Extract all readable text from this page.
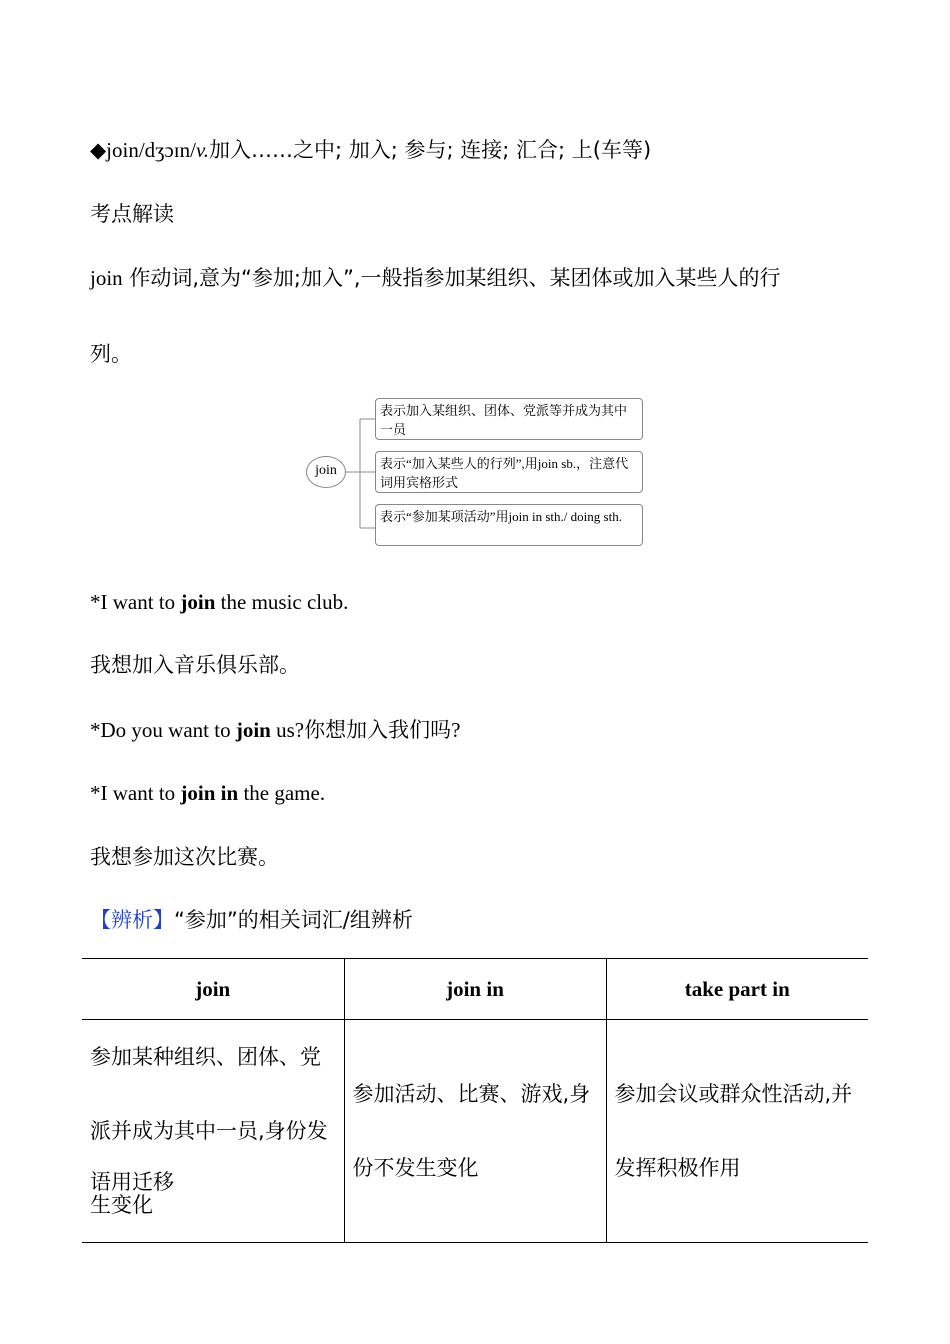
◆join/dʒɔɪn/v.加入……之中; 加入; 参与; 连接; 汇合; 上(车等)
考点解读
join 作动词,意为“参加;加入”,一般指参加某组织、某团体或加入某些人的行
列。
join
表示加入某组织、团体、党派等并成为其中一员
表示“加入某些人的行列”,用join sb.，注意代词用宾格形式
表示“参加某项活动”用join in sth./ doing sth.
*I want to join the music club.
我想加入音乐俱乐部。
*Do you want to join us?你想加入我们吗?
*I want to join in the game.
我想参加这次比赛。
【辨析】“参加”的相关词汇/组辨析
join	join in	take part in
参加某种组织、团体、党派并成为其中一员,身份发生变化	参加活动、比赛、游戏,身份不发生变化	参加会议或群众性活动,并发挥积极作用
语用迁移
